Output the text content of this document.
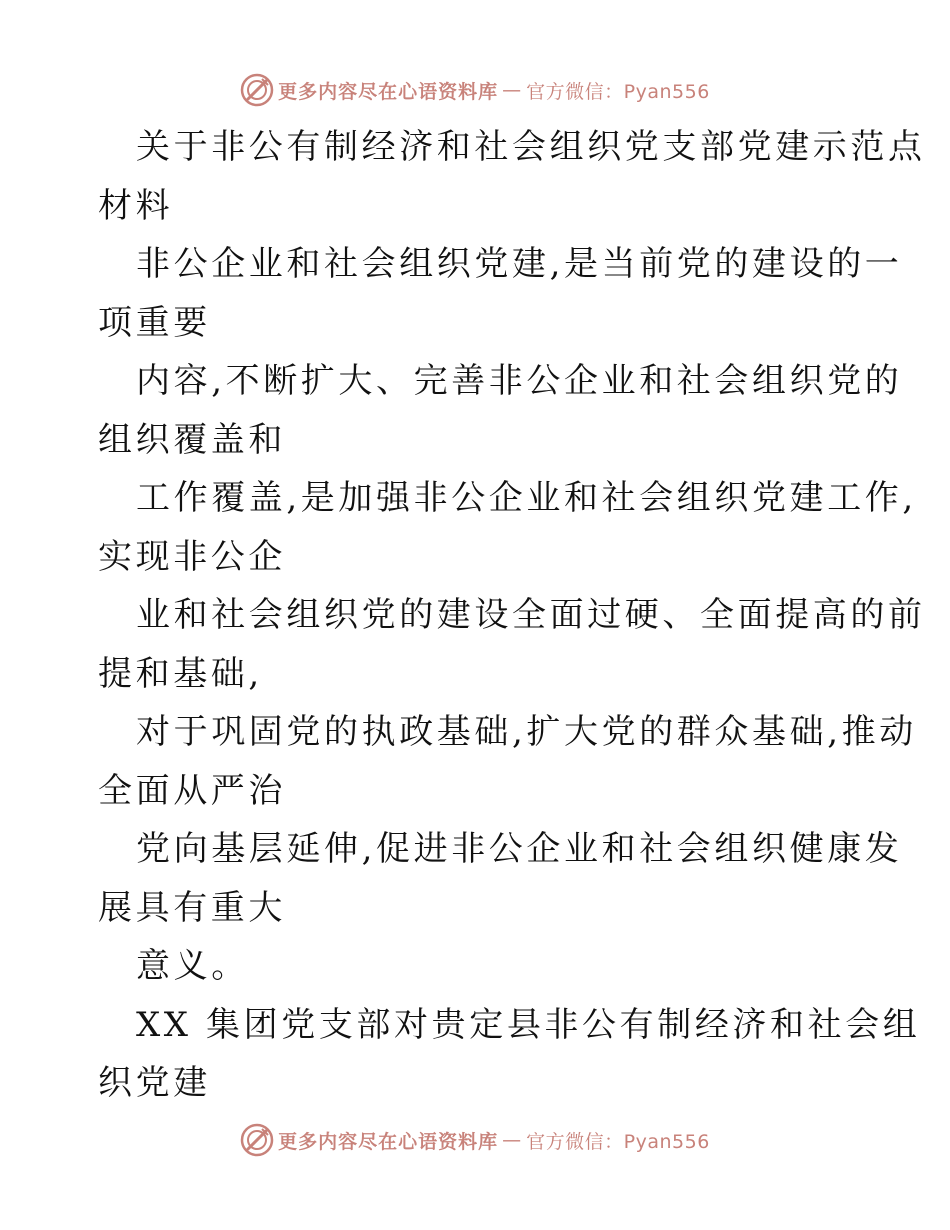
更多内容尽在心语资料库 — 官方微信：Pyan556

关于非公有制经济和社会组织党支部党建示范点
材料

非公企业和社会组织党建,是当前党的建设的一
项重要

内容,不断扩大、完善非公企业和社会组织党的
组织覆盖和

工作覆盖,是加强非公企业和社会组织党建工作,
实现非公企

业和社会组织党的建设全面过硬、全面提高的前
提和基础,

对于巩固党的执政基础,扩大党的群众基础,推动
全面从严治

党向基层延伸,促进非公企业和社会组织健康发
展具有重大

意义。

XX 集团党支部对贵定县非公有制经济和社会组
织党建

更多内容尽在心语资料库 — 官方微信：Pyan556
